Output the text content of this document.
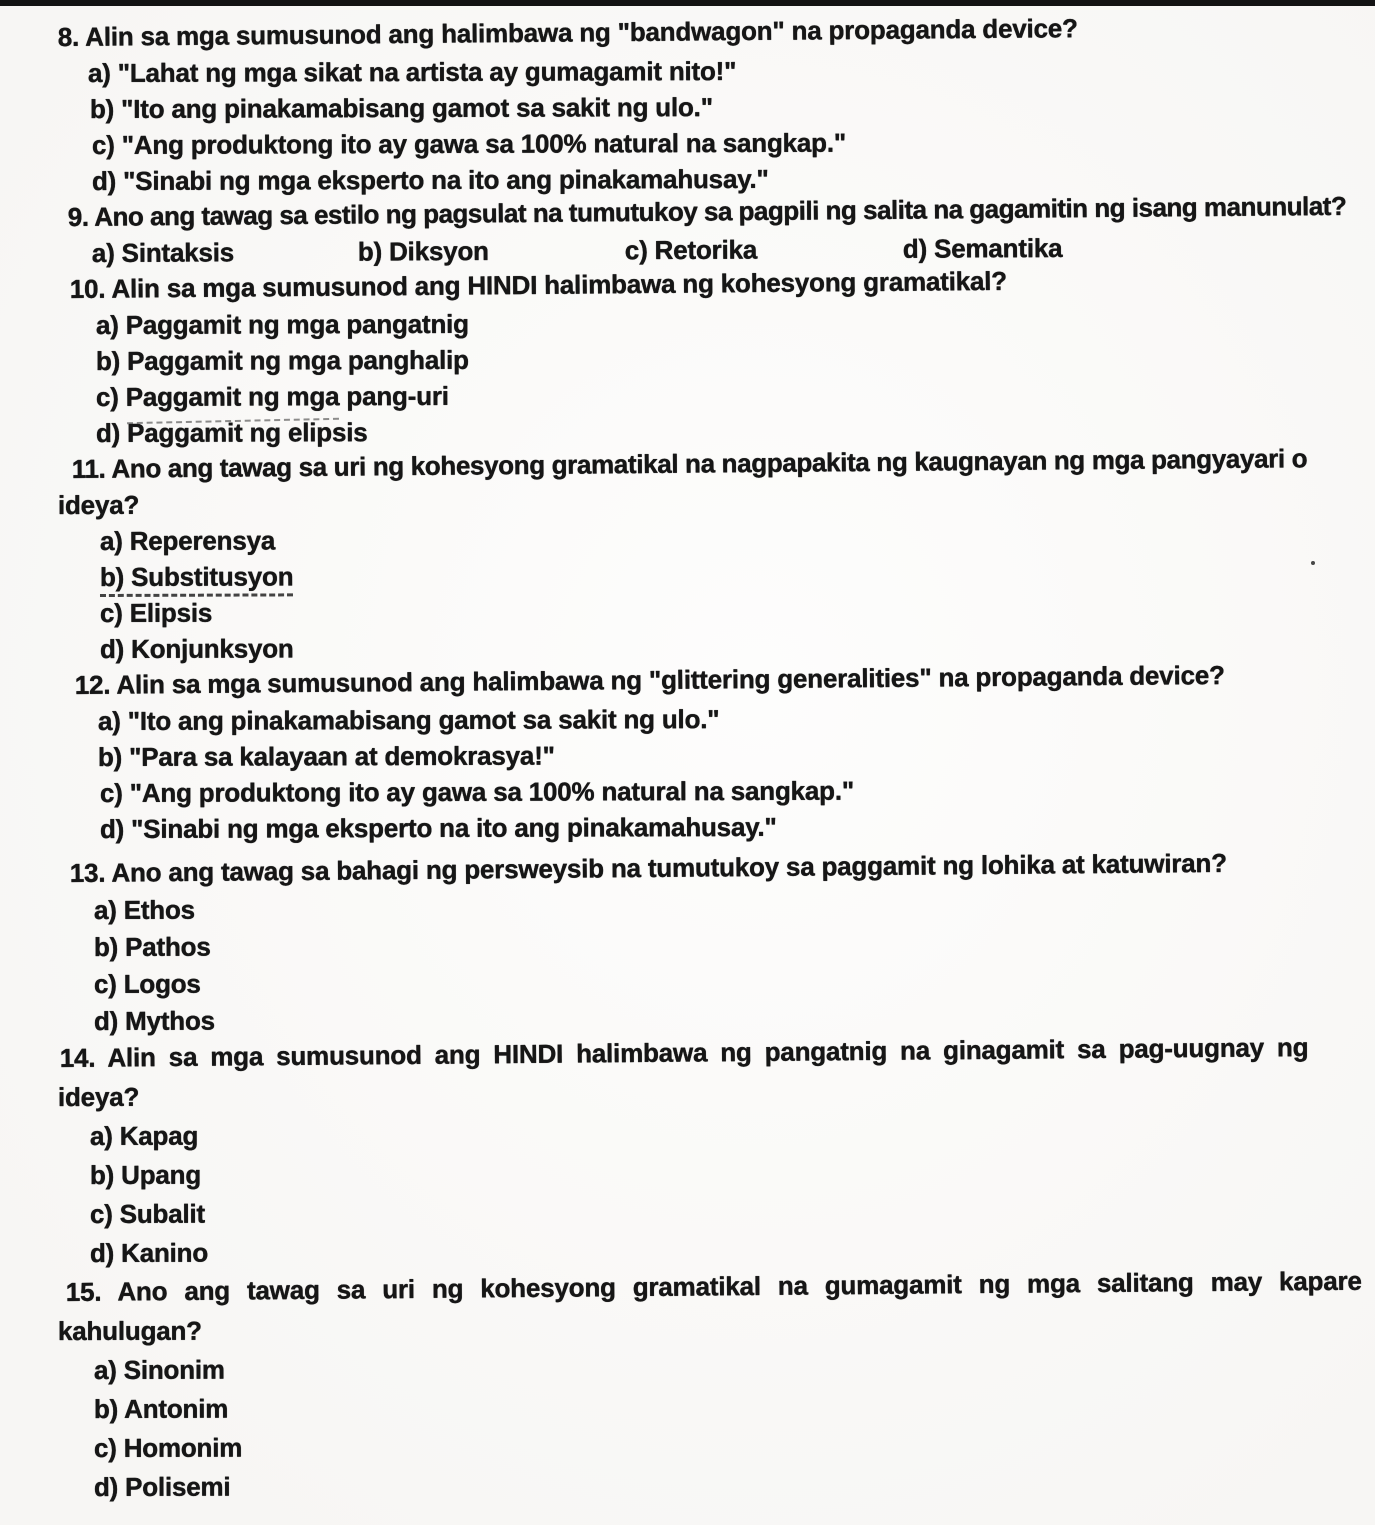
8. Alin sa mga sumusunod ang halimbawa ng "bandwagon" na propaganda device?
a) "Lahat ng mga sikat na artista ay gumagamit nito!"
b) "Ito ang pinakamabisang gamot sa sakit ng ulo."
c) "Ang produktong ito ay gawa sa 100% natural na sangkap."
d) "Sinabi ng mga eksperto na ito ang pinakamahusay."
9. Ano ang tawag sa estilo ng pagsulat na tumutukoy sa pagpili ng salita na gagamitin ng isang manunulat?
a) Sintaksis	b) Diksyon	c) Retorika	d) Semantika
10. Alin sa mga sumusunod ang HINDI halimbawa ng kohesyong gramatikal?
a) Paggamit ng mga pangatnig
b) Paggamit ng mga panghalip
c) Paggamit ng mga pang-uri
d) Paggamit ng elipsis
11. Ano ang tawag sa uri ng kohesyong gramatikal na nagpapakita ng kaugnayan ng mga pangyayari o
ideya?
a) Reperensya
b) Substitusyon
c) Elipsis
d) Konjunksyon
12. Alin sa mga sumusunod ang halimbawa ng "glittering generalities" na propaganda device?
a) "Ito ang pinakamabisang gamot sa sakit ng ulo."
b) "Para sa kalayaan at demokrasya!"
c) "Ang produktong ito ay gawa sa 100% natural na sangkap."
d) "Sinabi ng mga eksperto na ito ang pinakamahusay."
13. Ano ang tawag sa bahagi ng persweysib na tumutukoy sa paggamit ng lohika at katuwiran?
a) Ethos
b) Pathos
c) Logos
d) Mythos
14. Alin sa mga sumusunod ang HINDI halimbawa ng pangatnig na ginagamit sa pag-uugnay ng
ideya?
a) Kapag
b) Upang
c) Subalit
d) Kanino
15. Ano ang tawag sa uri ng kohesyong gramatikal na gumagamit ng mga salitang may kapare
kahulugan?
a) Sinonim
b) Antonim
c) Homonim
d) Polisemi
